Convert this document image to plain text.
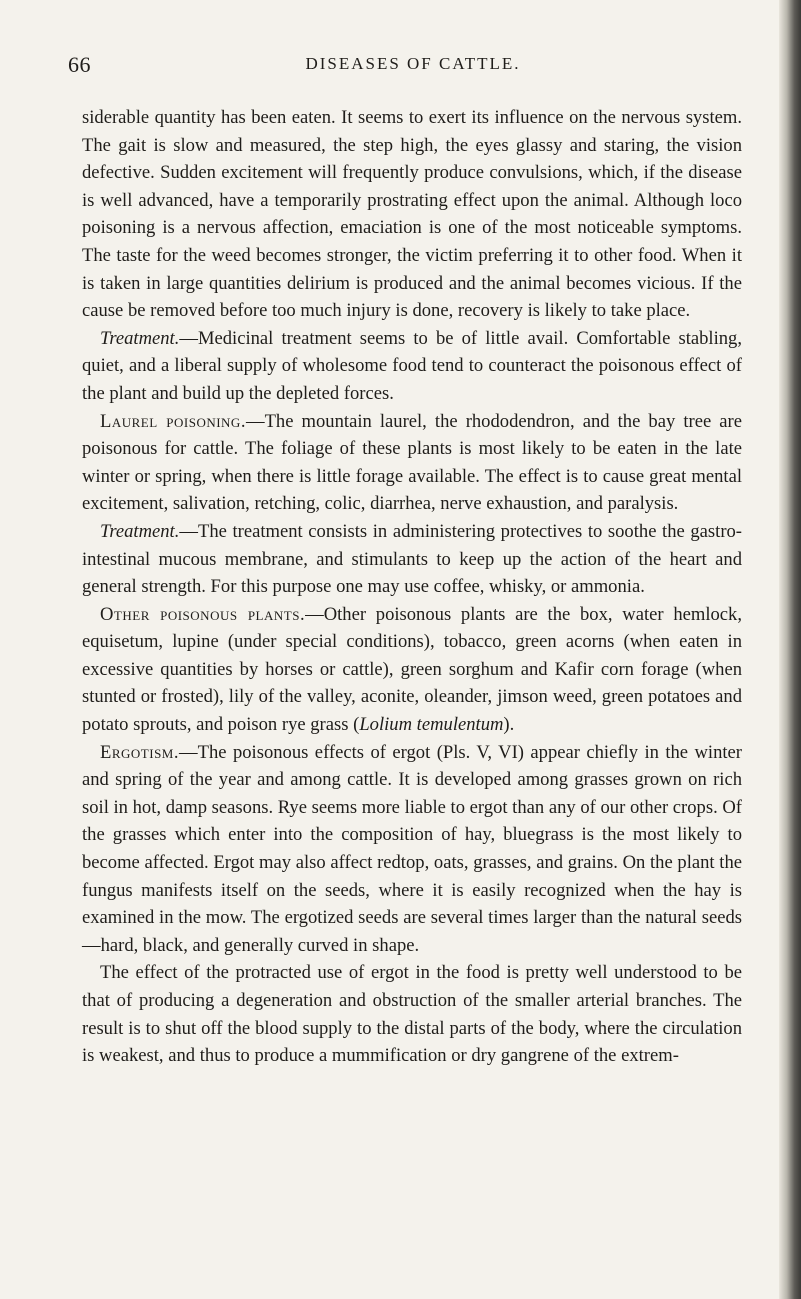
66	DISEASES OF CATTLE.

siderable quantity has been eaten. It seems to exert its influence on the nervous system. The gait is slow and measured, the step high, the eyes glassy and staring, the vision defective. Sudden excitement will frequently produce convulsions, which, if the disease is well advanced, have a temporarily prostrating effect upon the animal. Although loco poisoning is a nervous affection, emaciation is one of the most noticeable symptoms. The taste for the weed becomes stronger, the victim preferring it to other food. When it is taken in large quantities delirium is produced and the animal becomes vicious. If the cause be removed before too much injury is done, recovery is likely to take place.

Treatment.—Medicinal treatment seems to be of little avail. Comfortable stabling, quiet, and a liberal supply of wholesome food tend to counteract the poisonous effect of the plant and build up the depleted forces.

Laurel poisoning.—The mountain laurel, the rhododendron, and the bay tree are poisonous for cattle. The foliage of these plants is most likely to be eaten in the late winter or spring, when there is little forage available. The effect is to cause great mental excitement, salivation, retching, colic, diarrhea, nerve exhaustion, and paralysis.

Treatment.—The treatment consists in administering protectives to soothe the gastro-intestinal mucous membrane, and stimulants to keep up the action of the heart and general strength. For this purpose one may use coffee, whisky, or ammonia.

Other poisonous plants.—Other poisonous plants are the box, water hemlock, equisetum, lupine (under special conditions), tobacco, green acorns (when eaten in excessive quantities by horses or cattle), green sorghum and Kafir corn forage (when stunted or frosted), lily of the valley, aconite, oleander, jimson weed, green potatoes and potato sprouts, and poison rye grass (Lolium temulentum).

Ergotism.—The poisonous effects of ergot (Pls. V, VI) appear chiefly in the winter and spring of the year and among cattle. It is developed among grasses grown on rich soil in hot, damp seasons. Rye seems more liable to ergot than any of our other crops. Of the grasses which enter into the composition of hay, bluegrass is the most likely to become affected. Ergot may also affect redtop, oats, grasses, and grains. On the plant the fungus manifests itself on the seeds, where it is easily recognized when the hay is examined in the mow. The ergotized seeds are several times larger than the natural seeds—hard, black, and generally curved in shape.

The effect of the protracted use of ergot in the food is pretty well understood to be that of producing a degeneration and obstruction of the smaller arterial branches. The result is to shut off the blood supply to the distal parts of the body, where the circulation is weakest, and thus to produce a mummification or dry gangrene of the extrem-
